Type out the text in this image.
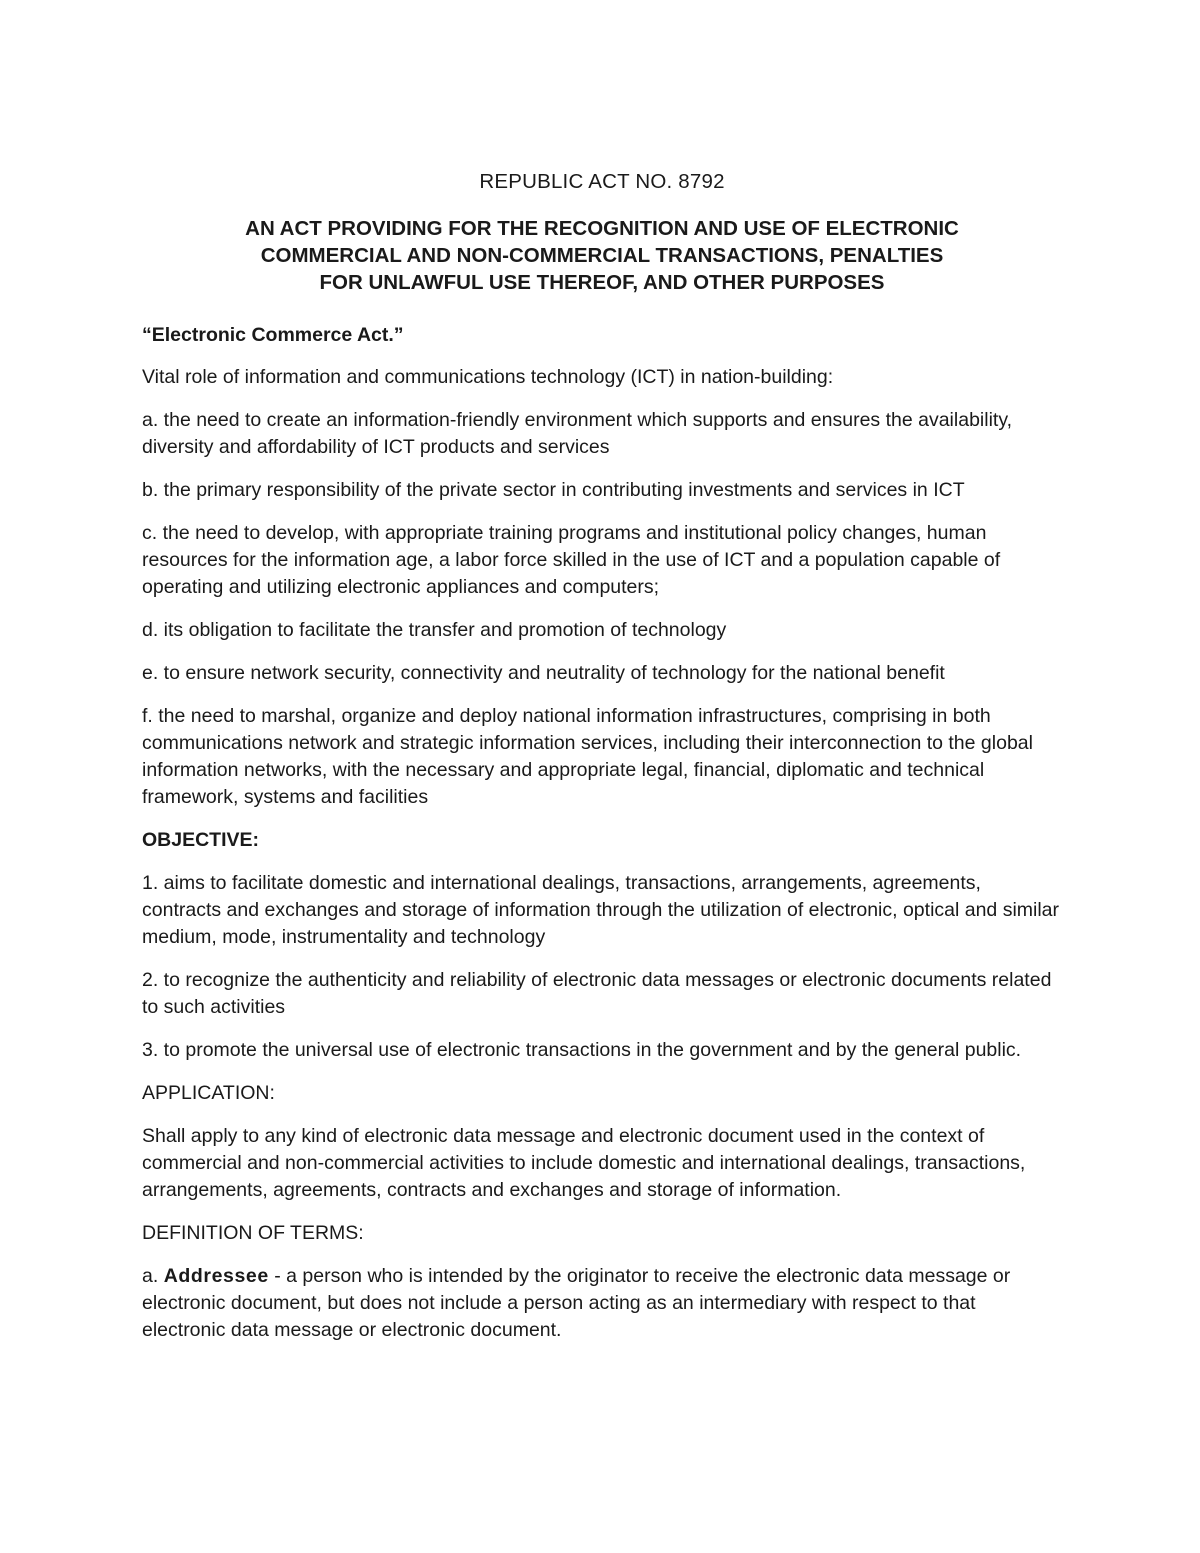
REPUBLIC ACT NO. 8792
AN ACT PROVIDING FOR THE RECOGNITION AND USE OF ELECTRONIC
COMMERCIAL AND NON-COMMERCIAL TRANSACTIONS, PENALTIES
FOR UNLAWFUL USE THEREOF, AND OTHER PURPOSES

“Electronic Commerce Act.”

Vital role of information and communications technology (ICT) in nation-building:

a. the need to create an information-friendly environment which supports and ensures the availability, diversity and affordability of ICT products and services

b. the primary responsibility of the private sector in contributing investments and services in ICT

c. the need to develop, with appropriate training programs and institutional policy changes, human resources for the information age, a labor force skilled in the use of ICT and a population capable of operating and utilizing electronic appliances and computers;

d. its obligation to facilitate the transfer and promotion of technology

e. to ensure network security, connectivity and neutrality of technology for the national benefit

f. the need to marshal, organize and deploy national information infrastructures, comprising in both communications network and strategic information services, including their interconnection to the global information networks, with the necessary and appropriate legal, financial, diplomatic and technical framework, systems and facilities

OBJECTIVE:

1. aims to facilitate domestic and international dealings, transactions, arrangements, agreements, contracts and exchanges and storage of information through the utilization of electronic, optical and similar medium, mode, instrumentality and technology

2. to recognize the authenticity and reliability of electronic data messages or electronic documents related to such activities

3. to promote the universal use of electronic transactions in the government and by the general public.

APPLICATION:

Shall apply to any kind of electronic data message and electronic document used in the context of commercial and non-commercial activities to include domestic and international dealings, transactions, arrangements, agreements, contracts and exchanges and storage of information.

DEFINITION OF TERMS:

a. Addressee - a person who is intended by the originator to receive the electronic data message or electronic document, but does not include a person acting as an intermediary with respect to that electronic data message or electronic document.
